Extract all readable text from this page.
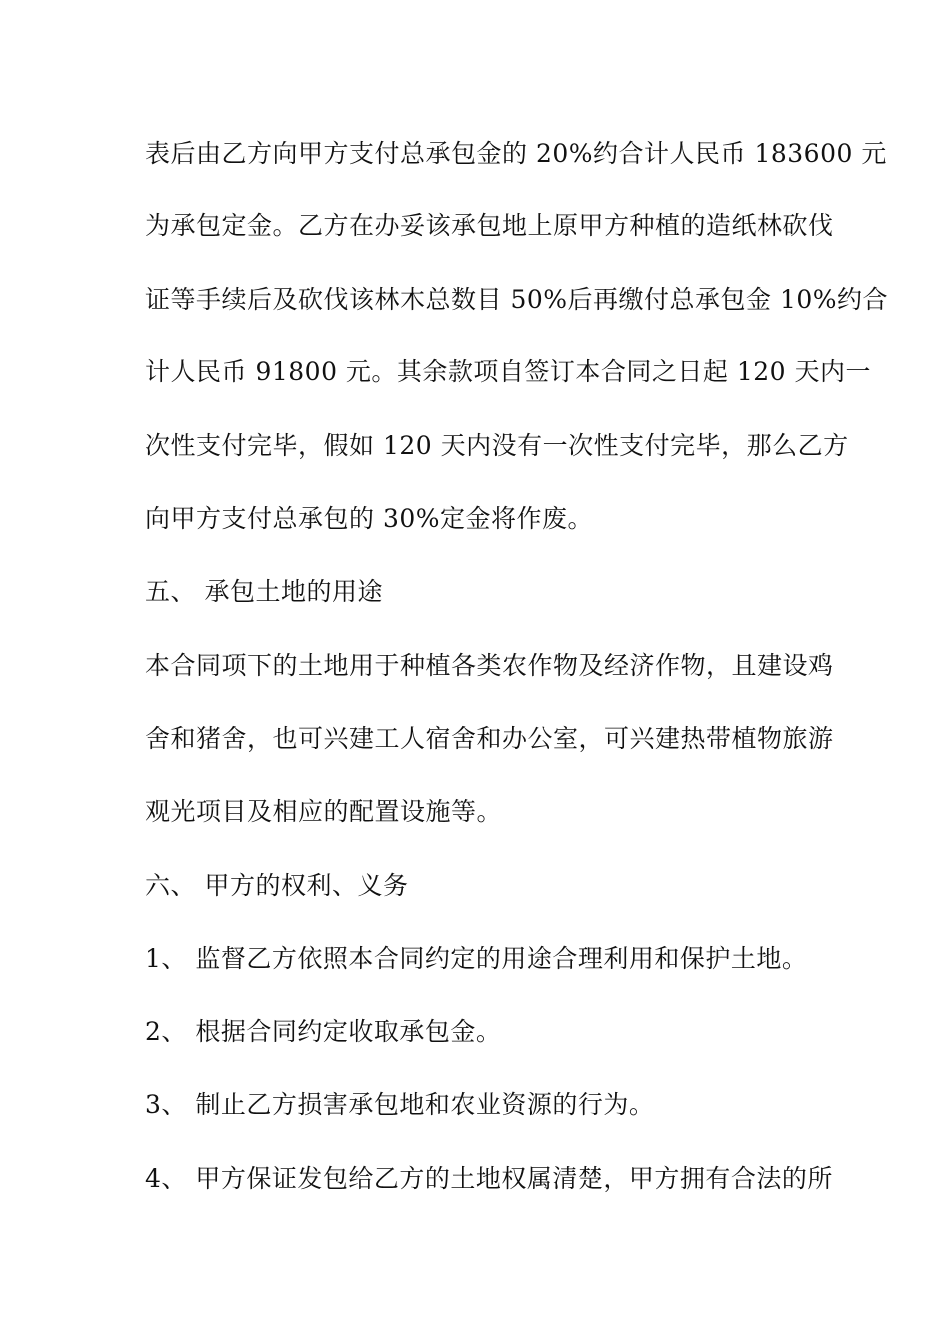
表后由乙方向甲方支付总承包金的 20%约合计人民币 183600 元
为承包定金。乙方在办妥该承包地上原甲方种植的造纸林砍伐
证等手续后及砍伐该林木总数目 50%后再缴付总承包金 10%约合
计人民币 91800 元。其余款项自签订本合同之日起 120 天内一
次性支付完毕，假如 120 天内没有一次性支付完毕，那么乙方
向甲方支付总承包的 30%定金将作废。
五、 承包土地的用途
本合同项下的土地用于种植各类农作物及经济作物，且建设鸡
舍和猪舍，也可兴建工人宿舍和办公室，可兴建热带植物旅游
观光项目及相应的配置设施等。
六、 甲方的权利、义务
1、 监督乙方依照本合同约定的用途合理利用和保护土地。
2、 根据合同约定收取承包金。
3、 制止乙方损害承包地和农业资源的行为。
4、 甲方保证发包给乙方的土地权属清楚，甲方拥有合法的所
